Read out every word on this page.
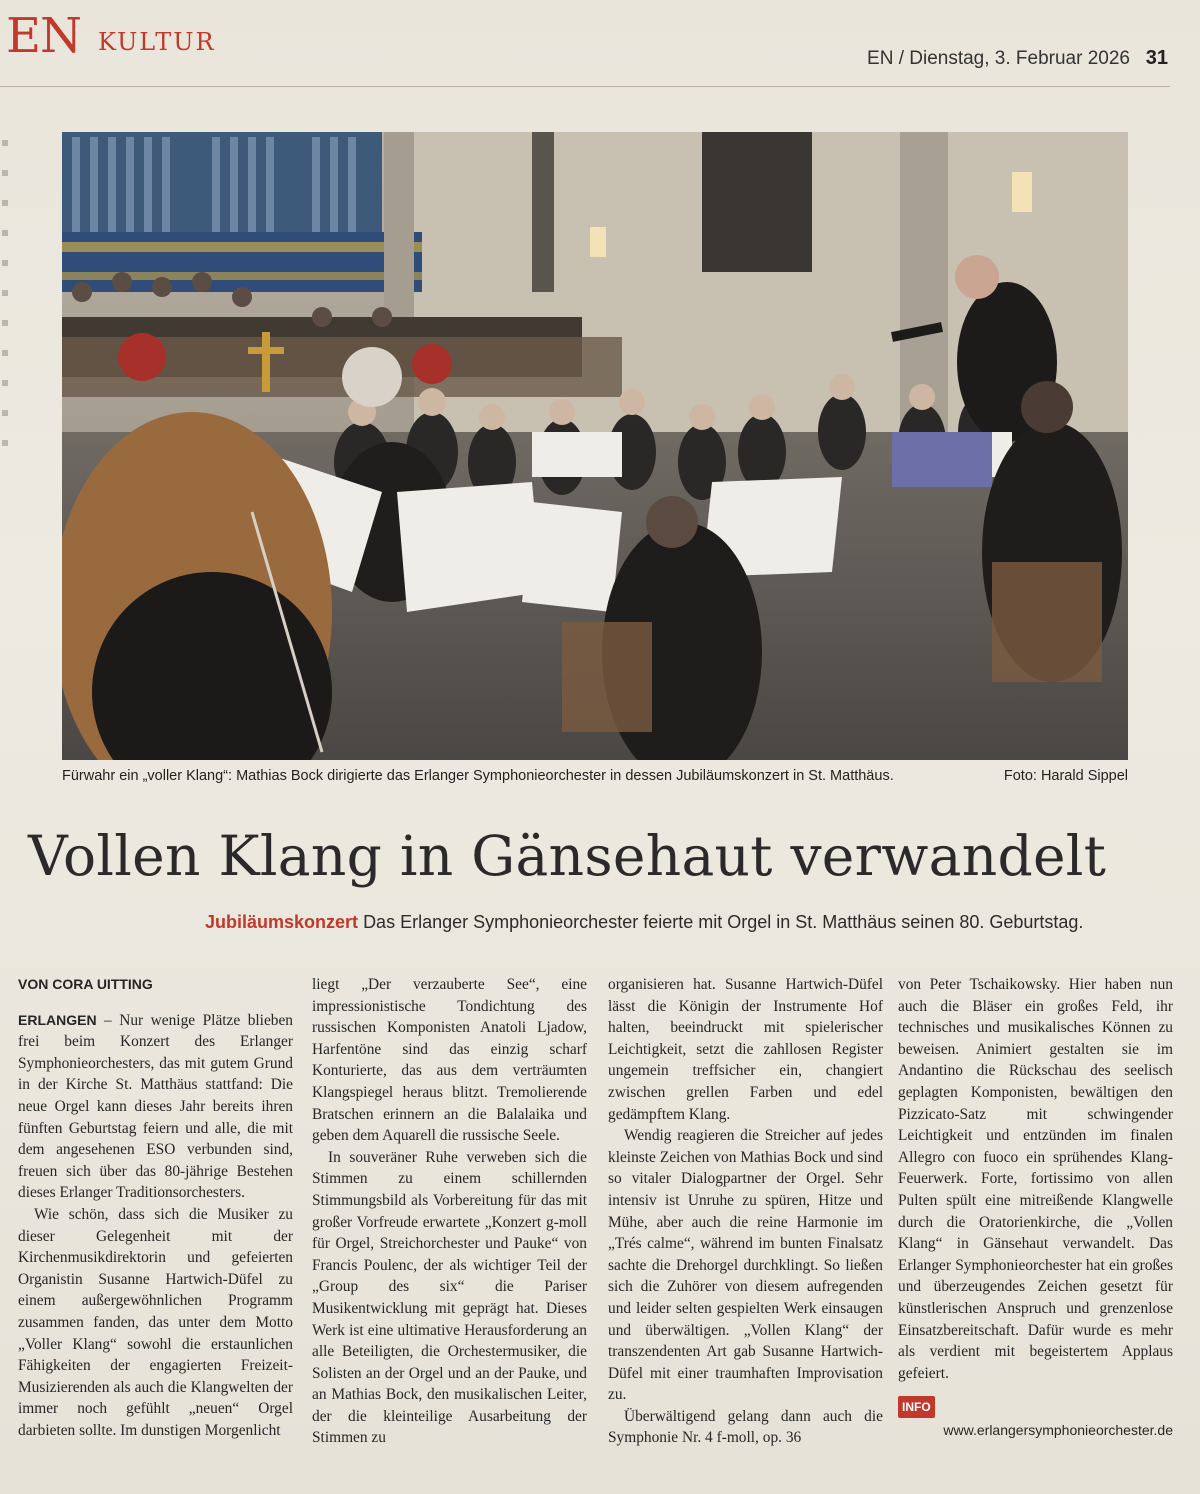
EN KULTUR
EN / Dienstag, 3. Februar 2026 31
Fürwahr ein „voller Klang“: Mathias Bock dirigierte das Erlanger Symphonieorchester in dessen Jubiläumskonzert in St. Matthäus.	Foto: Harald Sippel
Vollen Klang in Gänsehaut verwandelt
Jubiläumskonzert Das Erlanger Symphonieorchester feierte mit Orgel in St. Matthäus seinen 80. Geburtstag.
VON CORA UITTING

ERLANGEN – Nur wenige Plätze blieben frei beim Konzert des Erlanger Symphonieorchesters, das mit gutem Grund in der Kirche St. Matthäus stattfand: Die neue Orgel kann dieses Jahr bereits ihren fünften Geburtstag feiern und alle, die mit dem angesehenen ESO verbunden sind, freuen sich über das 80-jährige Bestehen dieses Erlanger Traditionsorchesters.

Wie schön, dass sich die Musiker zu dieser Gelegenheit mit der Kirchenmusikdirektorin und gefeierten Organistin Susanne Hartwich-Düfel zu einem außergewöhnlichen Programm zusammen fanden, das unter dem Motto „Voller Klang“ sowohl die erstaunlichen Fähigkeiten der engagierten Freizeit-Musizierenden als auch die Klangwelten der immer noch gefühlt „neuen“ Orgel darbieten sollte. Im dunstigen Morgenlicht

liegt „Der verzauberte See“, eine impressionistische Tondichtung des russischen Komponisten Anatoli Ljadow, Harfentöne sind das einzig scharf Konturierte, das aus dem verträumten Klangspiegel heraus blitzt. Tremolierende Bratschen erinnern an die Balalaika und geben dem Aquarell die russische Seele.

In souveräner Ruhe verweben sich die Stimmen zu einem schillernden Stimmungsbild als Vorbereitung für das mit großer Vorfreude erwartete „Konzert g-moll für Orgel, Streichorchester und Pauke“ von Francis Poulenc, der als wichtiger Teil der „Group des six“ die Pariser Musikentwicklung mit geprägt hat. Dieses Werk ist eine ultimative Herausforderung an alle Beteiligten, die Orchestermusiker, die Solisten an der Orgel und an der Pauke, und an Mathias Bock, den musikalischen Leiter, der die kleinteilige Ausarbeitung der Stimmen zu

organisieren hat. Susanne Hartwich-Düfel lässt die Königin der Instrumente Hof halten, beeindruckt mit spielerischer Leichtigkeit, setzt die zahllosen Register ungemein treffsicher ein, changiert zwischen grellen Farben und edel gedämpftem Klang.

Wendig reagieren die Streicher auf jedes kleinste Zeichen von Mathias Bock und sind so vitaler Dialogpartner der Orgel. Sehr intensiv ist Unruhe zu spüren, Hitze und Mühe, aber auch die reine Harmonie im „Trés calme“, während im bunten Finalsatz sachte die Drehorgel durchklingt. So ließen sich die Zuhörer von diesem aufregenden und leider selten gespielten Werk einsaugen und überwältigen. „Vollen Klang“ der transzendenten Art gab Susanne Hartwich-Düfel mit einer traumhaften Improvisation zu.

Überwältigend gelang dann auch die Symphonie Nr. 4 f-moll, op. 36

von Peter Tschaikowsky. Hier haben nun auch die Bläser ein großes Feld, ihr technisches und musikalisches Können zu beweisen. Animiert gestalten sie im Andantino die Rückschau des seelisch geplagten Komponisten, bewältigen den Pizzicato-Satz mit schwingender Leichtigkeit und entzünden im finalen Allegro con fuoco ein sprühendes Klang-Feuerwerk. Forte, fortissimo von allen Pulten spült eine mitreißende Klangwelle durch die Oratorienkirche, die „Vollen Klang“ in Gänsehaut verwandelt. Das Erlanger Symphonieorchester hat ein großes und überzeugendes Zeichen gesetzt für künstlerischen Anspruch und grenzenlose Einsatzbereitschaft. Dafür wurde es mehr als verdient mit begeistertem Applaus gefeiert.

INFO
www.erlangersymphonieorchester.de
